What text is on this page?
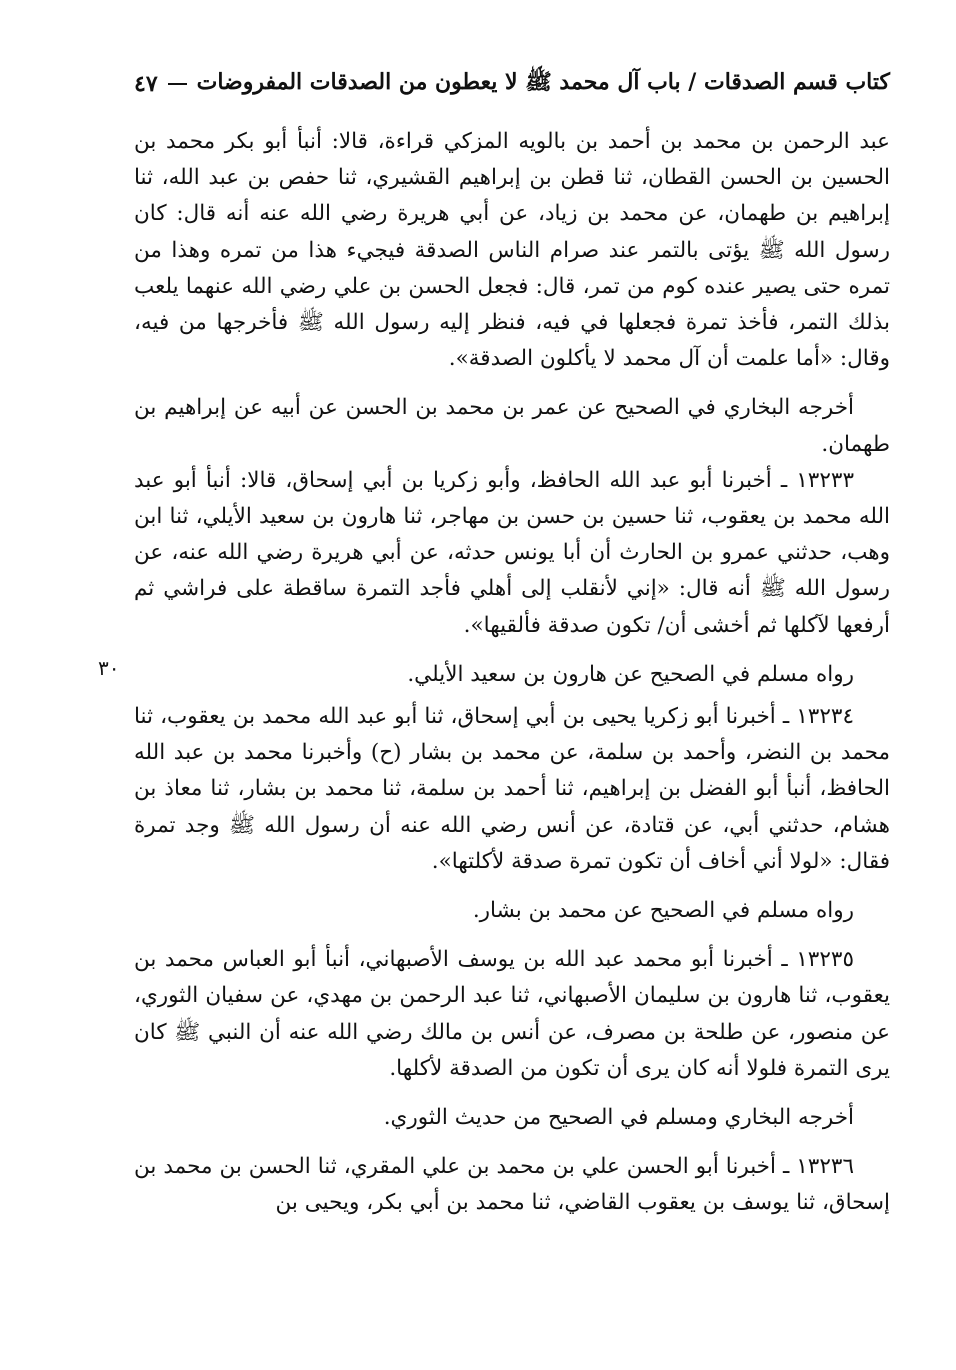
كتاب قسم الصدقات / باب آل محمد ﷺ لا يعطون من الصدقات المفروضات
٤٧

عبد الرحمن بن محمد بن أحمد بن بالويه المزكي قراءة، قالا: أنبأ أبو بكر محمد بن الحسين بن الحسن القطان، ثنا قطن بن إبراهيم القشيري، ثنا حفص بن عبد الله، ثنا إبراهيم بن طهمان، عن محمد بن زياد، عن أبي هريرة رضي الله عنه أنه قال: كان رسول الله ﷺ يؤتى بالتمر عند صرام الناس الصدقة فيجيء هذا من تمره وهذا من تمره حتى يصير عنده كوم من تمر، قال: فجعل الحسن بن علي رضي الله عنهما يلعب بذلك التمر، فأخذ تمرة فجعلها في فيه، فنظر إليه رسول الله ﷺ فأخرجها من فيه، وقال: «أما علمت أن آل محمد لا يأكلون الصدقة».

أخرجه البخاري في الصحيح عن عمر بن محمد بن الحسن عن أبيه عن إبراهيم بن طهمان.

١٣٢٣٣ ـ أخبرنا أبو عبد الله الحافظ، وأبو زكريا بن أبي إسحاق، قالا: أنبأ أبو عبد الله محمد بن يعقوب، ثنا حسين بن حسن بن مهاجر، ثنا هارون بن سعيد الأيلي، ثنا ابن وهب، حدثني عمرو بن الحارث أن أبا يونس حدثه، عن أبي هريرة رضي الله عنه، عن رسول الله ﷺ أنه قال: «إني لأنقلب إلى أهلي فأجد التمرة ساقطة على فراشي ثم أرفعها لآكلها ثم أخشى أن/ تكون صدقة فألقيها».

رواه مسلم في الصحيح عن هارون بن سعيد الأيلي.

١٣٢٣٤ ـ أخبرنا أبو زكريا يحيى بن أبي إسحاق، ثنا أبو عبد الله محمد بن يعقوب، ثنا محمد بن النضر، وأحمد بن سلمة، عن محمد بن بشار (ح) وأخبرنا محمد بن عبد الله الحافظ، أنبأ أبو الفضل بن إبراهيم، ثنا أحمد بن سلمة، ثنا محمد بن بشار، ثنا معاذ بن هشام، حدثني أبي، عن قتادة، عن أنس رضي الله عنه أن رسول الله ﷺ وجد تمرة فقال: «لولا أني أخاف أن تكون تمرة صدقة لأكلتها».

رواه مسلم في الصحيح عن محمد بن بشار.

١٣٢٣٥ ـ أخبرنا أبو محمد عبد الله بن يوسف الأصبهاني، أنبأ أبو العباس محمد بن يعقوب، ثنا هارون بن سليمان الأصبهاني، ثنا عبد الرحمن بن مهدي، عن سفيان الثوري، عن منصور، عن طلحة بن مصرف، عن أنس بن مالك رضي الله عنه أن النبي ﷺ كان يرى التمرة فلولا أنه كان يرى أن تكون من الصدقة لأكلها.

أخرجه البخاري ومسلم في الصحيح من حديث الثوري.

١٣٢٣٦ ـ أخبرنا أبو الحسن علي بن محمد بن علي المقري، ثنا الحسن بن محمد بن إسحاق، ثنا يوسف بن يعقوب القاضي، ثنا محمد بن أبي بكر، ويحيى بن

٣٠
